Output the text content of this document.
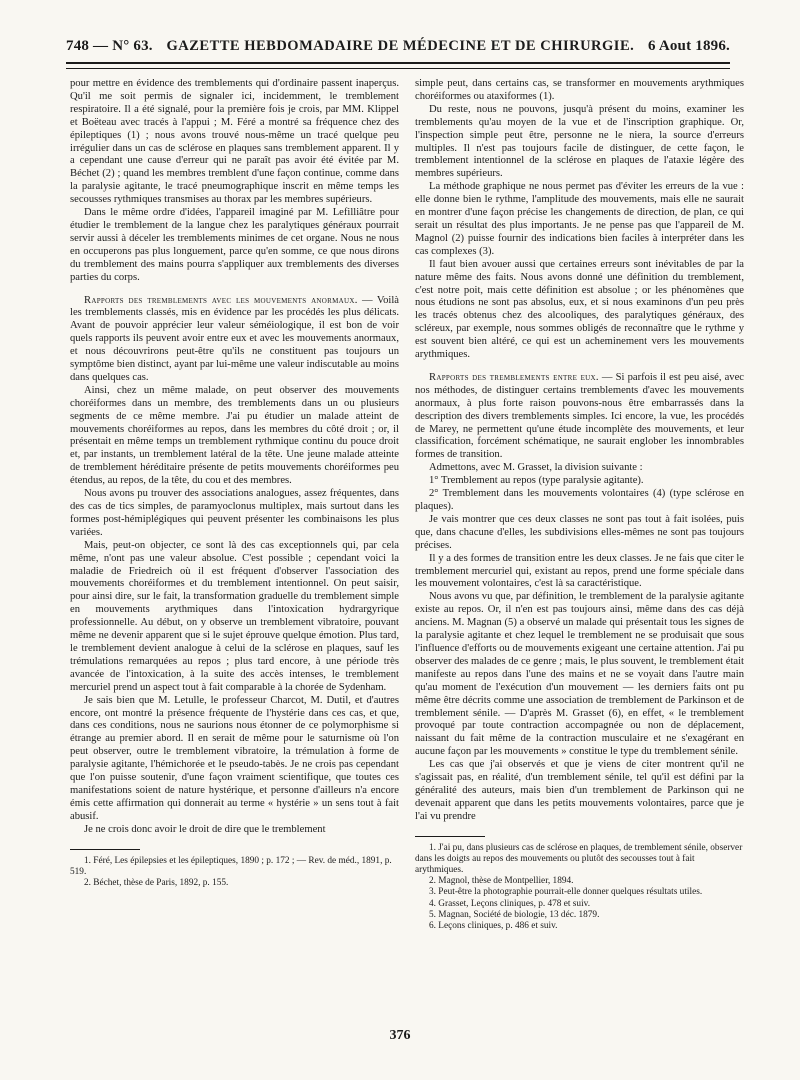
748 — N° 63. GAZETTE HEBDOMADAIRE DE MÉDECINE ET DE CHIRURGIE. 6 Aout 1896.

pour mettre en évidence des tremblements qui d'ordinaire passent inaperçus. Qu'il me soit permis de signaler ici, incidemment, le tremblement respiratoire. Il a été signalé, pour la première fois je crois, par MM. Klippel et Boëteau avec tracés à l'appui ; M. Féré a montré sa fréquence chez des épileptiques (1) ; nous avons trouvé nous-même un tracé quelque peu irrégulier dans un cas de sclérose en plaques sans tremblement apparent. Il y a cependant une cause d'erreur qui ne paraît pas avoir été évitée par M. Béchet (2) ; quand les membres tremblent d'une façon continue, comme dans la paralysie agitante, le tracé pneumographique inscrit en même temps les secousses rythmiques transmises au thorax par les membres supérieurs.

Dans le même ordre d'idées, l'appareil imaginé par M. Lefilliâtre pour étudier le tremblement de la langue chez les paralytiques généraux pourrait servir aussi à déceler les tremblements minimes de cet organe. Nous ne nous en occuperons pas plus longuement, parce qu'en somme, ce que nous dirons du tremblement des mains pourra s'appliquer aux tremblements des diverses parties du corps.

Rapports des tremblements avec les mouvements anormaux. — Voilà les tremblements classés, mis en évidence par les procédés les plus délicats. Avant de pouvoir apprécier leur valeur séméiologique, il est bon de voir quels rapports ils peuvent avoir entre eux et avec les mouvements anormaux, et nous découvrirons peut-être qu'ils ne constituent pas toujours un symptôme bien distinct, ayant par lui-même une valeur indiscutable au moins dans quelques cas.

Ainsi, chez un même malade, on peut observer des mouvements choréiformes dans un membre, des tremblements dans un ou plusieurs segments de ce même membre. J'ai pu étudier un malade atteint de mouvements choréiformes au repos, dans les membres du côté droit ; or, il présentait en même temps un tremblement rythmique continu du pouce droit et, par instants, un tremblement latéral de la tête. Une jeune malade atteinte de tremblement héréditaire présente de petits mouvements choréiformes peu étendus, au repos, de la tête, du cou et des membres.

Nous avons pu trouver des associations analogues, assez fréquentes, dans des cas de tics simples, de paramyoclonus multiplex, mais surtout dans les formes post-hémiplégiques qui peuvent présenter les combinaisons les plus variées.

Mais, peut-on objecter, ce sont là des cas exceptionnels qui, par cela même, n'ont pas une valeur absolue. C'est possible ; cependant voici la maladie de Friedreich où il est fréquent d'observer l'association des mouvements choréiformes et du tremblement intentionnel. On peut saisir, pour ainsi dire, sur le fait, la transformation graduelle du tremblement simple en mouvements arythmiques dans l'intoxication hydrargyrique professionnelle. Au début, on y observe un tremblement vibratoire, pouvant même ne devenir apparent que si le sujet éprouve quelque émotion. Plus tard, le tremblement devient analogue à celui de la sclérose en plaques, sauf les trémulations remarquées au repos ; plus tard encore, à une période très avancée de l'intoxication, à la suite des accès intenses, le tremblement mercuriel prend un aspect tout à fait comparable à la chorée de Sydenham.

Je sais bien que M. Letulle, le professeur Charcot, M. Dutil, et d'autres encore, ont montré la présence fréquente de l'hystérie dans ces cas, et que, dans ces conditions, nous ne saurions nous étonner de ce polymorphisme si étrange au premier abord. Il en serait de même pour le saturnisme où l'on peut observer, outre le tremblement vibratoire, la trémulation à forme de paralysie agitante, l'hémichorée et le pseudo-tabès. Je ne crois pas cependant que l'on puisse soutenir, d'une façon vraiment scientifique, que toutes ces manifestations soient de nature hystérique, et personne d'ailleurs n'a encore émis cette affirmation qui donnerait au terme « hystérie » un sens tout à fait abusif.

Je ne crois donc avoir le droit de dire que le tremblement

1. Féré, Les épilepsies et les épileptiques, 1890 ; p. 172 ; — Rev. de méd., 1891, p. 519.

2. Béchet, thèse de Paris, 1892, p. 155.

simple peut, dans certains cas, se transformer en mouvements arythmiques choréiformes ou ataxiformes (1).

Du reste, nous ne pouvons, jusqu'à présent du moins, examiner les tremblements qu'au moyen de la vue et de l'inscription graphique. Or, l'inspection simple peut être, personne ne le niera, la source d'erreurs multiples. Il n'est pas toujours facile de distinguer, de cette façon, le tremblement intentionnel de la sclérose en plaques de l'ataxie légère des membres supérieurs.

La méthode graphique ne nous permet pas d'éviter les erreurs de la vue : elle donne bien le rythme, l'amplitude des mouvements, mais elle ne saurait en montrer d'une façon précise les changements de direction, de plan, ce qui serait un résultat des plus importants. Je ne pense pas que l'appareil de M. Magnol (2) puisse fournir des indications bien faciles à interpréter dans les cas complexes (3).

Il faut bien avouer aussi que certaines erreurs sont inévitables de par la nature même des faits. Nous avons donné une définition du tremblement, c'est notre poit, mais cette définition est absolue ; or les phénomènes que nous étudions ne sont pas absolus, eux, et si nous examinons d'un peu près les tracés obtenus chez des alcooliques, des paralytiques généraux, des scléreux, par exemple, nous sommes obligés de reconnaître que le rythme y est souvent bien altéré, ce qui est un acheminement vers les mouvements arythmiques.

Rapports des tremblements entre eux. — Si parfois il est peu aisé, avec nos méthodes, de distinguer certains tremblements d'avec les mouvements anormaux, à plus forte raison pouvons-nous être embarrassés dans la description des divers tremblements simples. Ici encore, la vue, les procédés de Marey, ne permettent qu'une étude incomplète des mouvements, et leur classification, forcément schématique, ne saurait englober les innombrables formes de transition.

Admettons, avec M. Grasset, la division suivante :

1° Tremblement au repos (type paralysie agitante).

2° Tremblement dans les mouvements volontaires (4) (type sclérose en plaques).

Je vais montrer que ces deux classes ne sont pas tout à fait isolées, puis que, dans chacune d'elles, les subdivisions elles-mêmes ne sont pas toujours précises.

Il y a des formes de transition entre les deux classes. Je ne fais que citer le tremblement mercuriel qui, existant au repos, prend une forme spéciale dans les mouvement volontaires, c'est là sa caractéristique.

Nous avons vu que, par définition, le tremblement de la paralysie agitante existe au repos. Or, il n'en est pas toujours ainsi, même dans des cas déjà anciens. M. Magnan (5) a observé un malade qui présentait tous les signes de la paralysie agitante et chez lequel le tremblement ne se produisait que sous l'influence d'efforts ou de mouvements exigeant une certaine attention. J'ai pu observer des malades de ce genre ; mais, le plus souvent, le tremblement était manifeste au repos dans l'une des mains et ne se voyait dans l'autre main qu'au moment de l'exécution d'un mouvement — les derniers faits ont pu même être décrits comme une association de tremblement de Parkinson et de tremblement sénile. — D'après M. Grasset (6), en effet, « le tremblement provoqué par toute contraction accompagnée ou non de déplacement, naissant du fait même de la contraction musculaire et ne s'exagérant en aucune façon par les mouvements » constitue le type du tremblement sénile.

Les cas que j'ai observés et que je viens de citer montrent qu'il ne s'agissait pas, en réalité, d'un tremblement sénile, tel qu'il est défini par la généralité des auteurs, mais bien d'un tremblement de Parkinson qui ne devenait apparent que dans les petits mouvements volontaires, parce que je l'ai vu prendre

1. J'ai pu, dans plusieurs cas de sclérose en plaques, de tremblement sénile, observer dans les doigts au repos des mouvements ou plutôt des secousses tout à fait arythmiques.

2. Magnol, thèse de Montpellier, 1894.

3. Peut-être la photographie pourrait-elle donner quelques résultats utiles.

4. Grasset, Leçons cliniques, p. 478 et suiv.

5. Magnan, Société de biologie, 13 déc. 1879.

6. Leçons cliniques, p. 486 et suiv.

376
